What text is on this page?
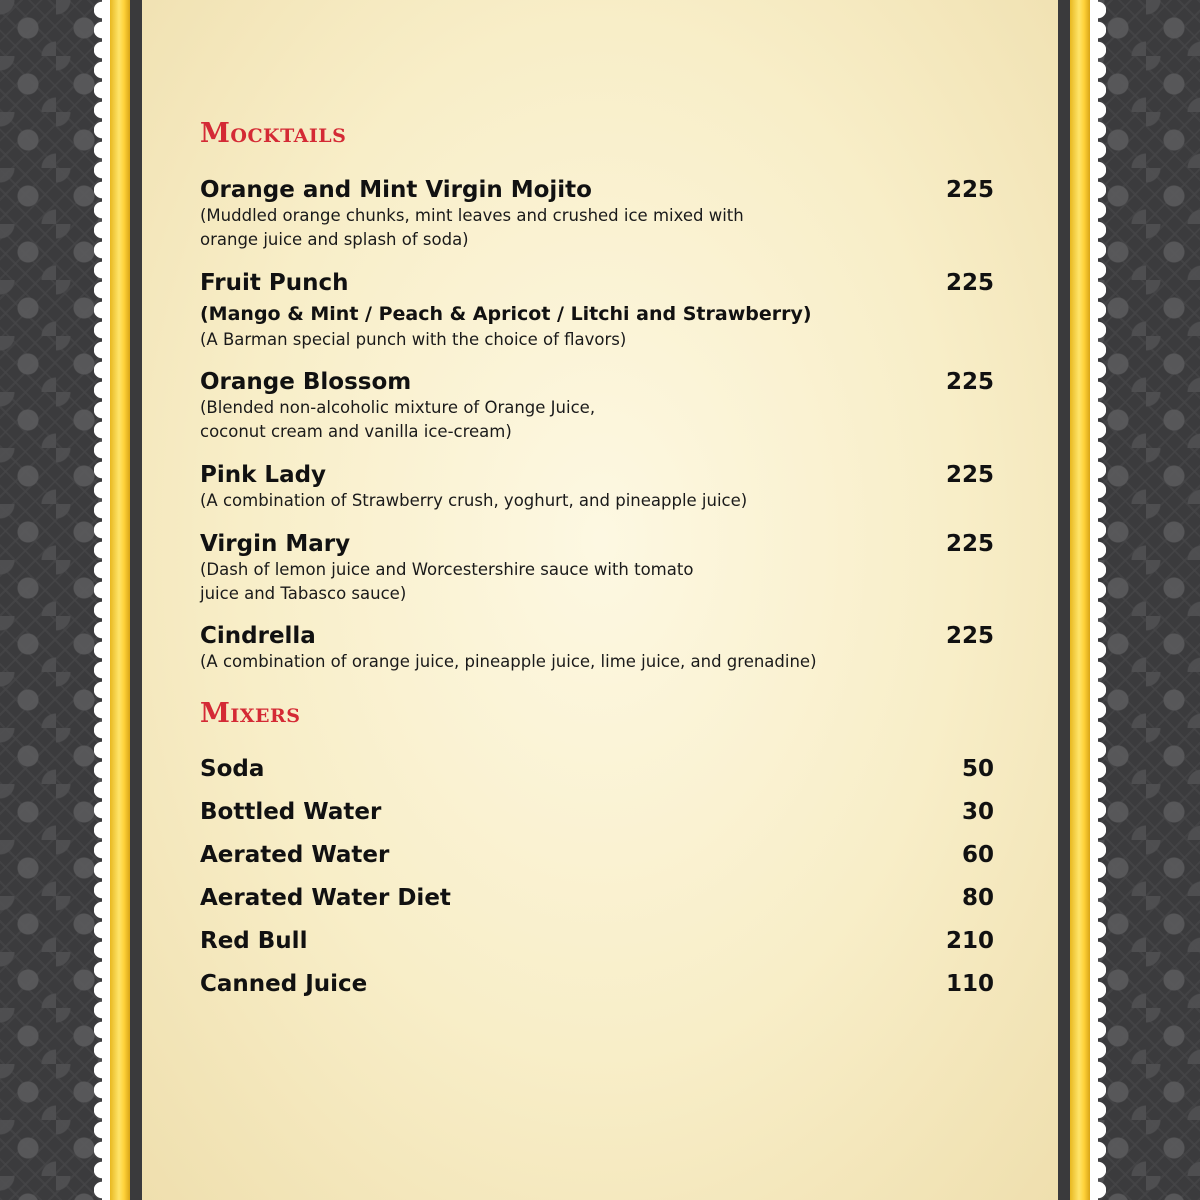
Mocktails
Orange and Mint Virgin Mojito
(Muddled orange chunks, mint leaves and crushed ice mixed with
orange juice and splash of soda)
225
Fruit Punch
(Mango & Mint / Peach & Apricot / Litchi and Strawberry)
(A Barman special punch with the choice of flavors)
225
Orange Blossom
(Blended non-alcoholic mixture of Orange Juice,
coconut cream and vanilla ice-cream)
225
Pink Lady
(A combination of Strawberry crush, yoghurt, and pineapple juice)
225
Virgin Mary
(Dash of lemon juice and Worcestershire sauce with tomato
juice and Tabasco sauce)
225
Cindrella
(A combination of orange juice, pineapple juice, lime juice, and grenadine)
225
Mixers
Soda	50
Bottled Water	30
Aerated Water	60
Aerated Water Diet	80
Red Bull	210
Canned Juice	110
